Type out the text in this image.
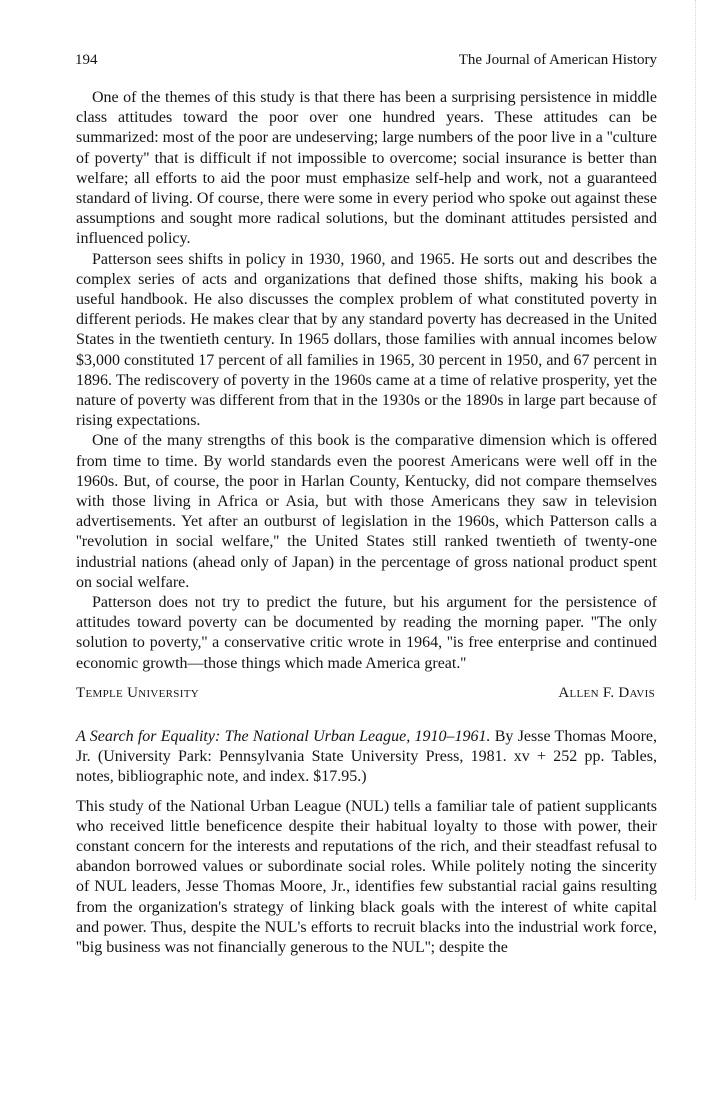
194	The Journal of American History

One of the themes of this study is that there has been a surprising persistence in middle class attitudes toward the poor over one hundred years. These attitudes can be summarized: most of the poor are undeserving; large numbers of the poor live in a ''culture of poverty'' that is difficult if not impossible to overcome; social insurance is better than welfare; all efforts to aid the poor must emphasize self-help and work, not a guaranteed standard of living. Of course, there were some in every period who spoke out against these assumptions and sought more radical solutions, but the dominant attitudes persisted and influenced policy.

Patterson sees shifts in policy in 1930, 1960, and 1965. He sorts out and describes the complex series of acts and organizations that defined those shifts, making his book a useful handbook. He also discusses the complex problem of what constituted poverty in different periods. He makes clear that by any standard poverty has decreased in the United States in the twentieth century. In 1965 dollars, those families with annual incomes below $3,000 constituted 17 percent of all families in 1965, 30 percent in 1950, and 67 percent in 1896. The rediscovery of poverty in the 1960s came at a time of relative prosperity, yet the nature of poverty was different from that in the 1930s or the 1890s in large part because of rising expectations.

One of the many strengths of this book is the comparative dimension which is offered from time to time. By world standards even the poorest Americans were well off in the 1960s. But, of course, the poor in Harlan County, Kentucky, did not compare themselves with those living in Africa or Asia, but with those Americans they saw in television advertisements. Yet after an outburst of legislation in the 1960s, which Patterson calls a ''revolution in social welfare,'' the United States still ranked twentieth of twenty-one industrial nations (ahead only of Japan) in the percentage of gross national product spent on social welfare.

Patterson does not try to predict the future, but his argument for the persistence of attitudes toward poverty can be documented by reading the morning paper. ''The only solution to poverty,'' a conservative critic wrote in 1964, ''is free enterprise and continued economic growth—those things which made America great.''

Temple University	Allen F. Davis
A Search for Equality: The National Urban League, 1910–1961. By Jesse Thomas Moore, Jr. (University Park: Pennsylvania State University Press, 1981. xv + 252 pp. Tables, notes, bibliographic note, and index. $17.95.)

This study of the National Urban League (NUL) tells a familiar tale of patient supplicants who received little beneficence despite their habitual loyalty to those with power, their constant concern for the interests and reputations of the rich, and their steadfast refusal to abandon borrowed values or subordinate social roles. While politely noting the sincerity of NUL leaders, Jesse Thomas Moore, Jr., identifies few substantial racial gains resulting from the organization's strategy of linking black goals with the interest of white capital and power. Thus, despite the NUL's efforts to recruit blacks into the industrial work force, ''big business was not financially generous to the NUL''; despite the
